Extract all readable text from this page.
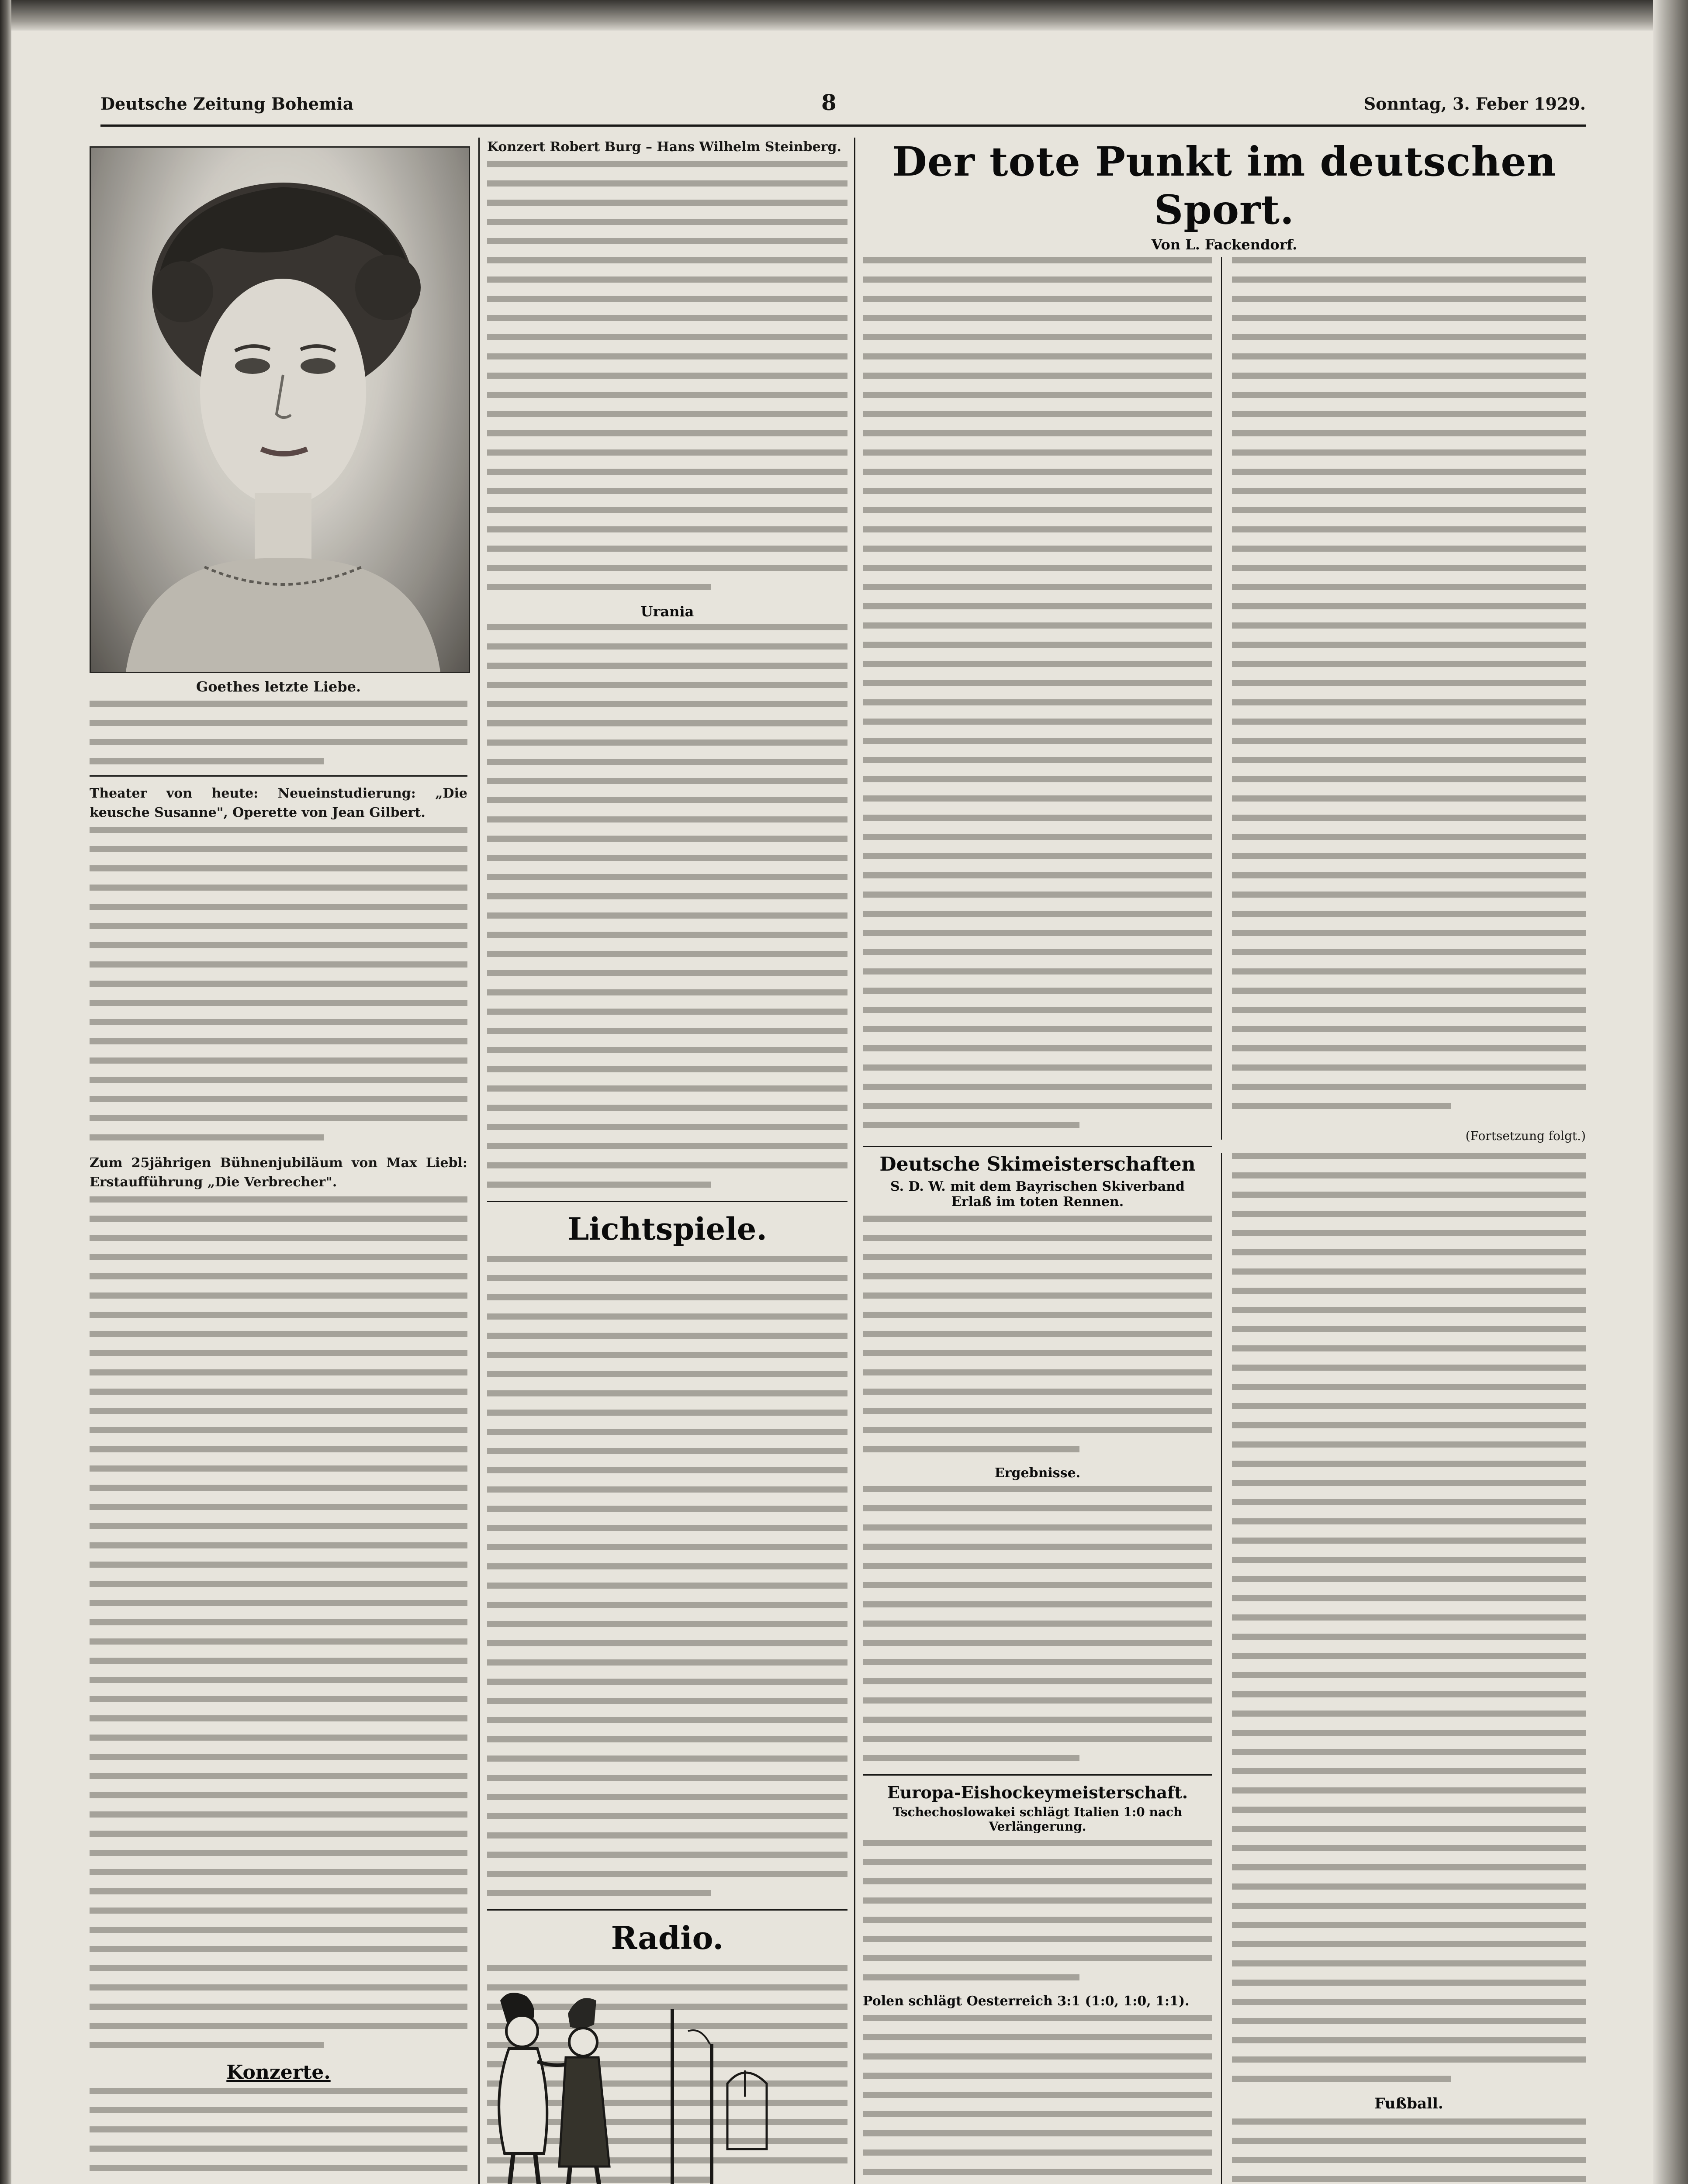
Deutsche Zeitung Bohemia	8	Sonntag, 3. Feber 1929.
Goethes letzte Liebe.

Theater von heute: Neueinstudierung: „Die keusche Susanne", Operette von Jean Gilbert.

Zum 25jährigen Bühnenjubiläum von Max Liebl: Erstaufführung „Die Verbrecher".

Konzerte.

Konzert Robert Burg – Hans Wilhelm Steinberg.

Urania
Lichtspiele.
Radio.
Der tote Punkt im deutschen Sport.
Von L. Fackendorf.
(Fortsetzung folgt.)
Deutsche Skimeisterschaften
S. D. W. mit dem Bayrischen Skiverband
Erlaß im toten Rennen.
Ergebnisse.
Europa-Eishockeymeisterschaft.
Tschechoslowakei schlägt Italien 1:0 nach Verlängerung.
Polen schlägt Oesterreich 3:1 (1:0, 1:0, 1:1).
Fußball.
